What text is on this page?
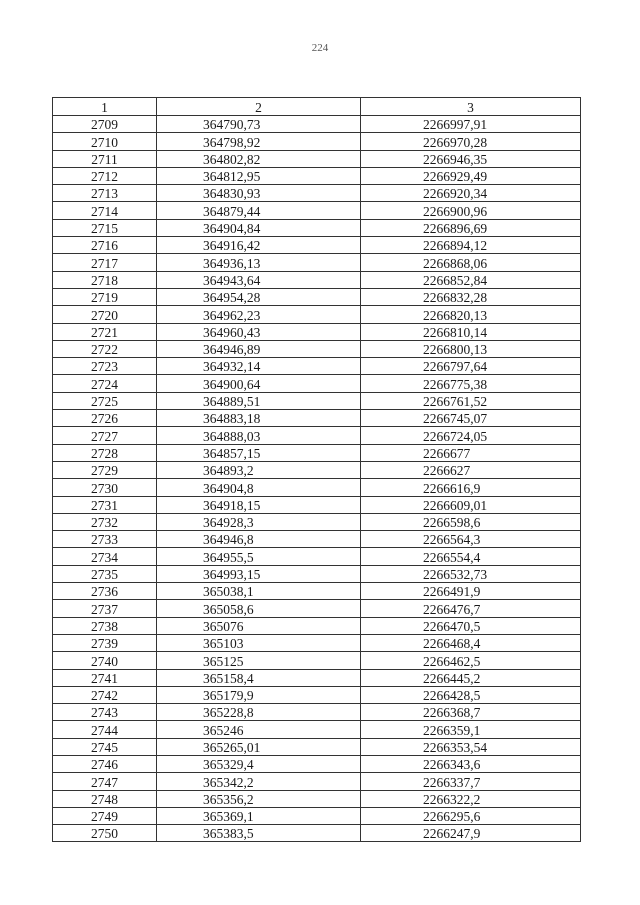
224
1	2	3
2709	364790,73	2266997,91
2710	364798,92	2266970,28
2711	364802,82	2266946,35
2712	364812,95	2266929,49
2713	364830,93	2266920,34
2714	364879,44	2266900,96
2715	364904,84	2266896,69
2716	364916,42	2266894,12
2717	364936,13	2266868,06
2718	364943,64	2266852,84
2719	364954,28	2266832,28
2720	364962,23	2266820,13
2721	364960,43	2266810,14
2722	364946,89	2266800,13
2723	364932,14	2266797,64
2724	364900,64	2266775,38
2725	364889,51	2266761,52
2726	364883,18	2266745,07
2727	364888,03	2266724,05
2728	364857,15	2266677
2729	364893,2	2266627
2730	364904,8	2266616,9
2731	364918,15	2266609,01
2732	364928,3	2266598,6
2733	364946,8	2266564,3
2734	364955,5	2266554,4
2735	364993,15	2266532,73
2736	365038,1	2266491,9
2737	365058,6	2266476,7
2738	365076	2266470,5
2739	365103	2266468,4
2740	365125	2266462,5
2741	365158,4	2266445,2
2742	365179,9	2266428,5
2743	365228,8	2266368,7
2744	365246	2266359,1
2745	365265,01	2266353,54
2746	365329,4	2266343,6
2747	365342,2	2266337,7
2748	365356,2	2266322,2
2749	365369,1	2266295,6
2750	365383,5	2266247,9
